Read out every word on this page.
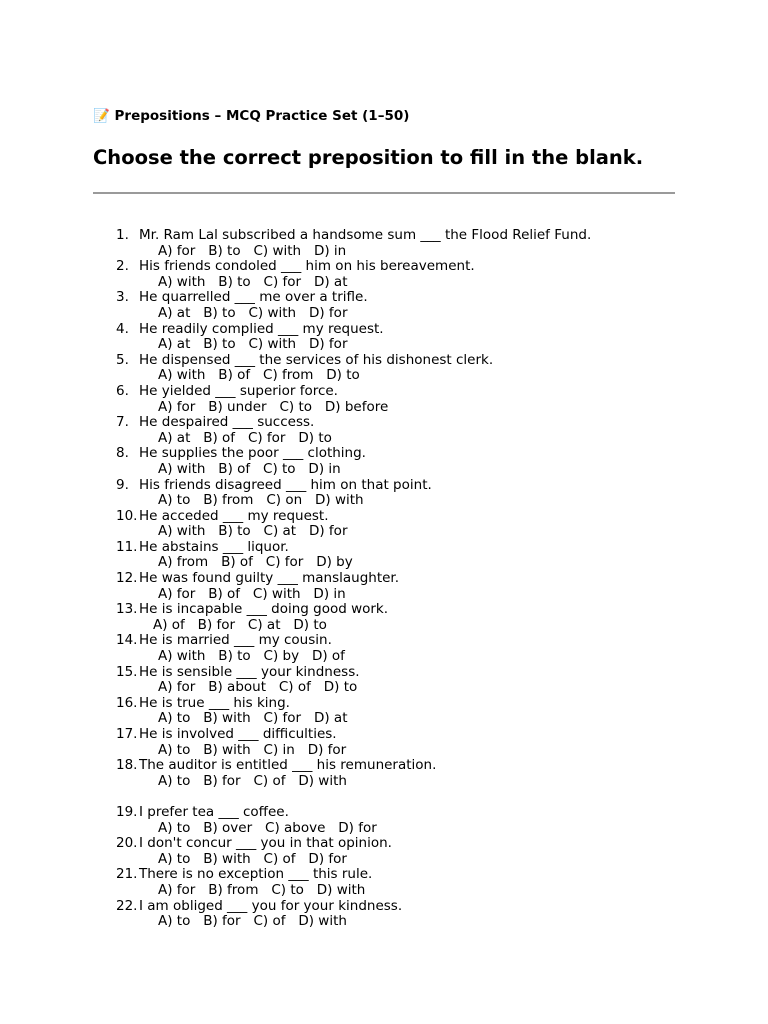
📝 Prepositions – MCQ Practice Set (1–50)
Choose the correct preposition to fill in the blank.
1. Mr. Ram Lal subscribed a handsome sum ___ the Flood Relief Fund.
A) for   B) to   C) with   D) in
2. His friends condoled ___ him on his bereavement.
A) with   B) to   C) for   D) at
3. He quarrelled ___ me over a trifle.
A) at   B) to   C) with   D) for
4. He readily complied ___ my request.
A) at   B) to   C) with   D) for
5. He dispensed ___ the services of his dishonest clerk.
A) with   B) of   C) from   D) to
6. He yielded ___ superior force.
A) for   B) under   C) to   D) before
7. He despaired ___ success.
A) at   B) of   C) for   D) to
8. He supplies the poor ___ clothing.
A) with   B) of   C) to   D) in
9. His friends disagreed ___ him on that point.
A) to   B) from   C) on   D) with
10. He acceded ___ my request.
A) with   B) to   C) at   D) for
11. He abstains ___ liquor.
A) from   B) of   C) for   D) by
12. He was found guilty ___ manslaughter.
A) for   B) of   C) with   D) in
13. He is incapable ___ doing good work.
A) of   B) for   C) at   D) to
14. He is married ___ my cousin.
A) with   B) to   C) by   D) of
15. He is sensible ___ your kindness.
A) for   B) about   C) of   D) to
16. He is true ___ his king.
A) to   B) with   C) for   D) at
17. He is involved ___ difficulties.
A) to   B) with   C) in   D) for
18. The auditor is entitled ___ his remuneration.
A) to   B) for   C) of   D) with
19. I prefer tea ___ coffee.
A) to   B) over   C) above   D) for
20. I don't concur ___ you in that opinion.
A) to   B) with   C) of   D) for
21. There is no exception ___ this rule.
A) for   B) from   C) to   D) with
22. I am obliged ___ you for your kindness.
A) to   B) for   C) of   D) with
